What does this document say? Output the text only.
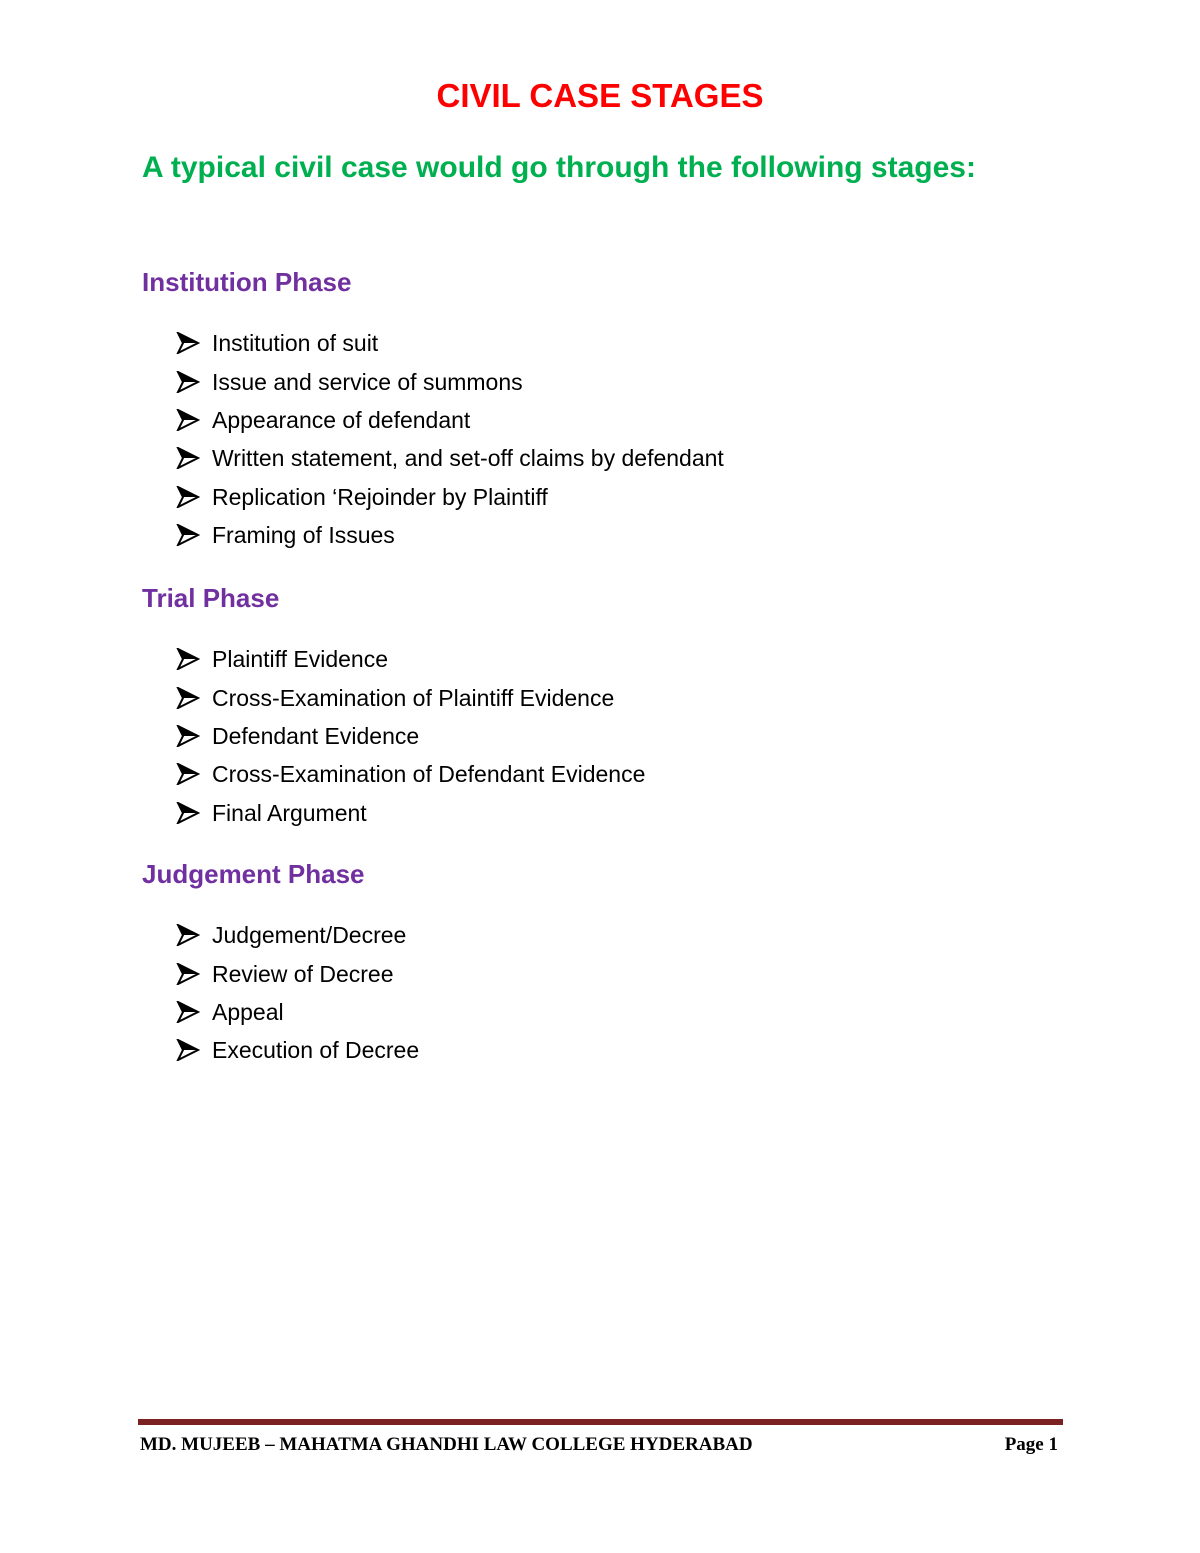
CIVIL CASE STAGES
A typical civil case would go through the following stages:
Institution Phase
Institution of suit
Issue and service of summons
Appearance of defendant
Written statement, and set-off claims by defendant
Replication ‘Rejoinder by Plaintiff
Framing of Issues
Trial Phase
Plaintiff Evidence
Cross-Examination of Plaintiff Evidence
Defendant Evidence
Cross-Examination of Defendant Evidence
Final Argument
Judgement Phase
Judgement/Decree
Review of Decree
Appeal
Execution of Decree
MD. MUJEEB – MAHATMA GHANDHI LAW COLLEGE HYDERABAD	Page 1
